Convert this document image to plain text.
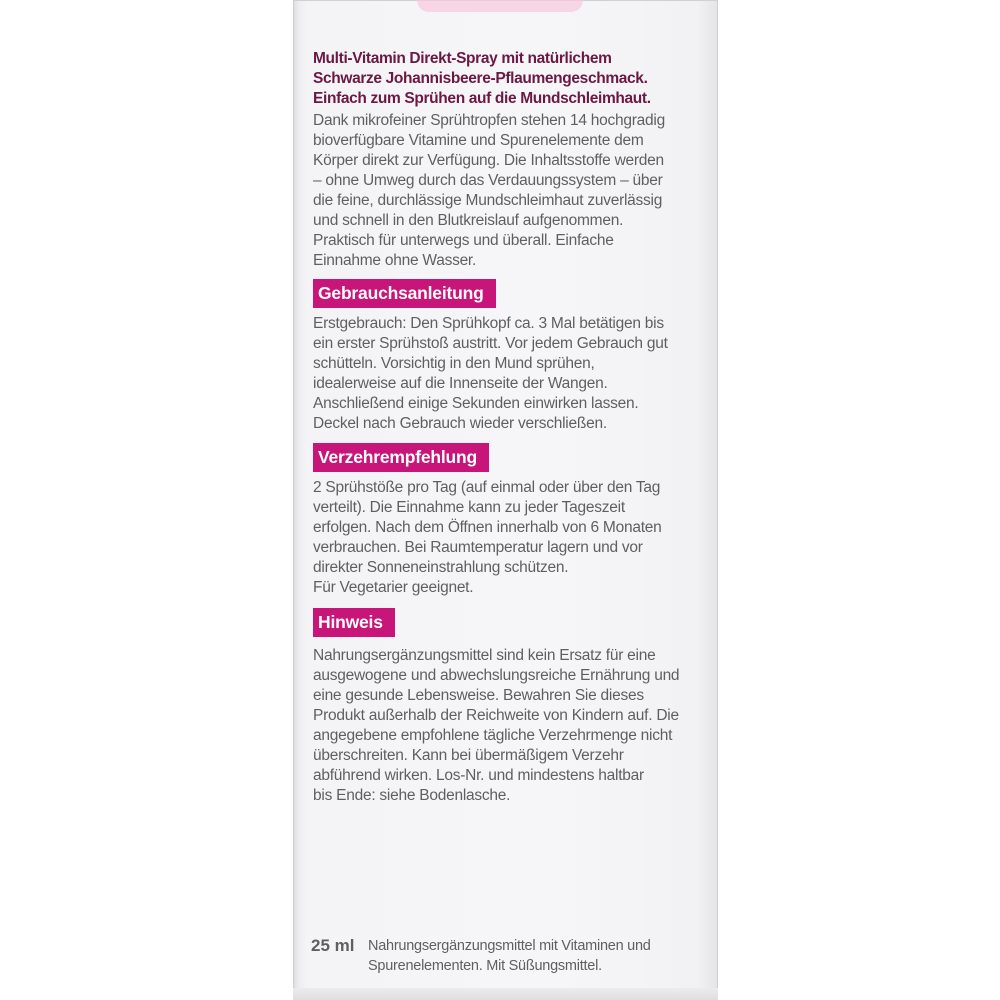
Multi-Vitamin Direkt-Spray mit natürlichem
Schwarze Johannisbeere-Pflaumengeschmack.
Einfach zum Sprühen auf die Mundschleimhaut.

Dank mikrofeiner Sprühtropfen stehen 14 hochgradig
bioverfügbare Vitamine und Spurenelemente dem
Körper direkt zur Verfügung. Die Inhaltsstoffe werden
– ohne Umweg durch das Verdauungssystem – über
die feine, durchlässige Mundschleimhaut zuverlässig
und schnell in den Blutkreislauf aufgenommen.
Praktisch für unterwegs und überall. Einfache
Einnahme ohne Wasser.

Gebrauchsanleitung

Erstgebrauch: Den Sprühkopf ca. 3 Mal betätigen bis
ein erster Sprühstoß austritt. Vor jedem Gebrauch gut
schütteln. Vorsichtig in den Mund sprühen,
idealerweise auf die Innenseite der Wangen.
Anschließend einige Sekunden einwirken lassen.
Deckel nach Gebrauch wieder verschließen.

Verzehrempfehlung

2 Sprühstöße pro Tag (auf einmal oder über den Tag
verteilt). Die Einnahme kann zu jeder Tageszeit
erfolgen. Nach dem Öffnen innerhalb von 6 Monaten
verbrauchen. Bei Raumtemperatur lagern und vor
direkter Sonneneinstrahlung schützen.
Für Vegetarier geeignet.

Hinweis

Nahrungsergänzungsmittel sind kein Ersatz für eine
ausgewogene und abwechslungsreiche Ernährung und
eine gesunde Lebensweise. Bewahren Sie dieses
Produkt außerhalb der Reichweite von Kindern auf. Die
angegebene empfohlene tägliche Verzehrmenge nicht
überschreiten. Kann bei übermäßigem Verzehr
abführend wirken. Los-Nr. und mindestens haltbar
bis Ende: siehe Bodenlasche.

25 ml Nahrungsergänzungsmittel mit Vitaminen und
Spurenelementen. Mit Süßungsmittel.
